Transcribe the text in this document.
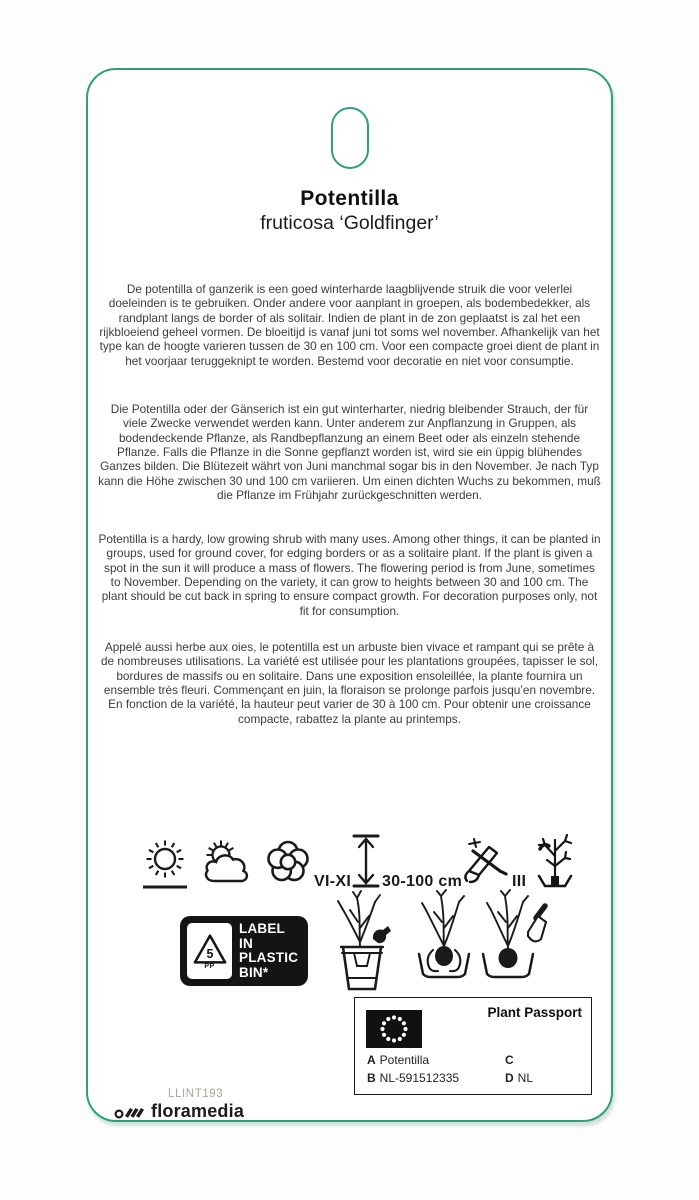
Potentilla
fruticosa ‘Goldfinger’

De potentilla of ganzerik is een goed winterharde laagblijvende struik die voor velerlei doeleinden is te gebruiken. Onder andere voor aanplant in groepen, als bodembedekker, als randplant langs de border of als solitair. Indien de plant in de zon geplaatst is zal het een rijkbloeiend geheel vormen. De bloeitijd is vanaf juni tot soms wel november. Afhankelijk van het type kan de hoogte varieren tussen de 30 en 100 cm. Voor een compacte groei dient de plant in het voorjaar teruggeknipt te worden. Bestemd voor decoratie en niet voor consumptie.

Die Potentilla oder der Gänserich ist ein gut winterharter, niedrig bleibender Strauch, der für viele Zwecke verwendet werden kann. Unter anderem zur Anpflanzung in Gruppen, als bodendeckende Pflanze, als Randbepflanzung an einem Beet oder als einzeln stehende Pflanze. Falls die Pflanze in die Sonne gepflanzt worden ist, wird sie ein üppig blühendes Ganzes bilden. Die Blütezeit währt von Juni manchmal sogar bis in den November. Je nach Typ kann die Höhe zwischen 30 und 100 cm variieren. Um einen dichten Wuchs zu bekommen, muß die Pflanze im Frühjahr zurückgeschnitten werden.

Potentilla is a hardy, low growing shrub with many uses. Among other things, it can be planted in groups, used for ground cover, for edging borders or as a solitaire plant. If the plant is given a spot in the sun it will produce a mass of flowers. The flowering period is from June, sometimes to November. Depending on the variety, it can grow to heights between 30 and 100 cm. The plant should be cut back in spring to ensure compact growth. For decoration purposes only, not fit for consumption.

Appelé aussi herbe aux oies, le potentilla est un arbuste bien vivace et rampant qui se prête à de nombreuses utilisations. La variété est utilisée pour les plantations groupées, tapisser le sol, bordures de massifs ou en solitaire. Dans une exposition ensoleillée, la plante fournira un ensemble très fleuri. Commençant en juin, la floraison se prolonge parfois jusqu’en novembre. En fonction de la variété, la hauteur peut varier de 30 à 100 cm. Pour obtenir une croissance compacte, rabattez la plante au printemps.

VI-XI 30-100 cm	III
5
PP
LABEL IN
PLASTIC
BIN*
Plant Passport
A Potentilla
B NL-591512335
C
D NL
LLINT193
floramedia
